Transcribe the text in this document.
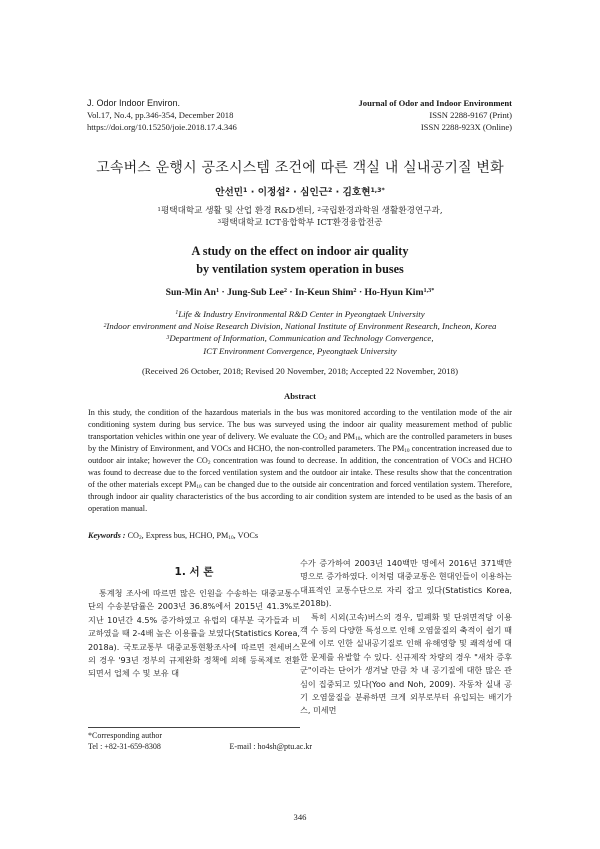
J. Odor Indoor Environ.
Vol.17, No.4, pp.346-354, December 2018
https://doi.org/10.15250/joie.2018.17.4.346
Journal of Odor and Indoor Environment
ISSN 2288-9167 (Print)
ISSN 2288-923X (Online)
고속버스 운행시 공조시스템 조건에 따른 객실 내 실내공기질 변화
안선민$^1$ · 이정섭$^2$ · 심인근$^2$ · 김호현$^{1,3*}$
$^1$평택대학교 생활 및 산업 환경 R&D센터, $^2$국립환경과학원 생활환경연구과,
$^3$평택대학교 ICT융합학부 ICT환경융합전공
A study on the effect on indoor air quality
by ventilation system operation in buses
Sun-Min $An^1$ · Jung-Sub Lee$^2$ · In-Keun Shim$^2$ · Ho-Hyun Kim$^{1,3*}$
$^1$Life & Industry Environmental R&D Center in Pyeongtaek University
$^2$Indoor environment and Noise Research Division, National Institute of Environment Research, Incheon, Korea
$^3$Department of Information, Communication and Technology Convergence,
ICT Environment Convergence, Pyeongtaek University
(Received 26 October, 2018; Revised 20 November, 2018; Accepted 22 November, 2018)
Abstract
In this study, the condition of the hazardous materials in the bus was monitored according to the ventilation mode of the air conditioning system during bus service. The bus was surveyed using the indoor air quality measurement method of public transportation vehicles within one year of delivery. We evaluate the $CO_2$ and $PM_{10}$, which are the controlled parameters in buses by the Ministry of Environment, and VOCs and HCHO, the non-controlled parameters. The $PM_{10}$ concentration increased due to outdoor air intake; however the $CO_2$ concentration was found to decrease. In addition, the concentration of VOCs and HCHO was found to decrease due to the forced ventilation system and the outdoor air intake. These results show that the concentration of the other materials except $PM_{10}$ can be changed due to the outside air concentration and forced ventilation system. Therefore, through indoor air quality characteristics of the bus according to air condition system are intended to be used as the basis of an operation manual.
Keywords : $CO_2$, Express bus, HCHO, $PM_{10}$, VOCs
1. 서 론

통계청 조사에 따르면 많은 인원을 수송하는 대중교통수단의 수송분담률은 2003년 36.8%에서 2015년 41.3%로 지난 10년간 4.5% 증가하였고 유럽의 대부분 국가들과 비교하였을 때 2-4배 높은 이용률을 보였다(Statistics Korea, 2018a). 국토교통부 대중교통현황조사에 따르면 전세버스의 경우 '93년 정부의 규제완화 정책에 의해 등록제로 전환되면서 업체 수 및 보유 대

수가 증가하여 2003년 140백만 명에서 2016년 371백만 명으로 증가하였다. 이처럼 대중교통은 현대인들이 이용하는 대표적인 교통수단으로 자리 잡고 있다(Statistics Korea, 2018b).

특히 시외(고속)버스의 경우, 밀폐화 및 단위면적당 이용객 수 등의 다양한 특성으로 인해 오염물질의 축적이 쉽기 때문에 이로 인한 실내공기질로 인해 유해영향 및 쾌적성에 대한 문제를 유발할 수 있다. 신규제작 차량의 경우 "새차 증후군"이라는 단어가 생겨날 만큼 차 내 공기질에 대한 많은 관심이 집중되고 있다(Yoo and Noh, 2009). 자동차 실내 공기 오염물질을 분류하면 크게 외부로부터 유입되는 배기가스, 미세먼

*Corresponding author
Tel : +82-31-659-8308	E-mail : ho4sh@ptu.ac.kr
346
